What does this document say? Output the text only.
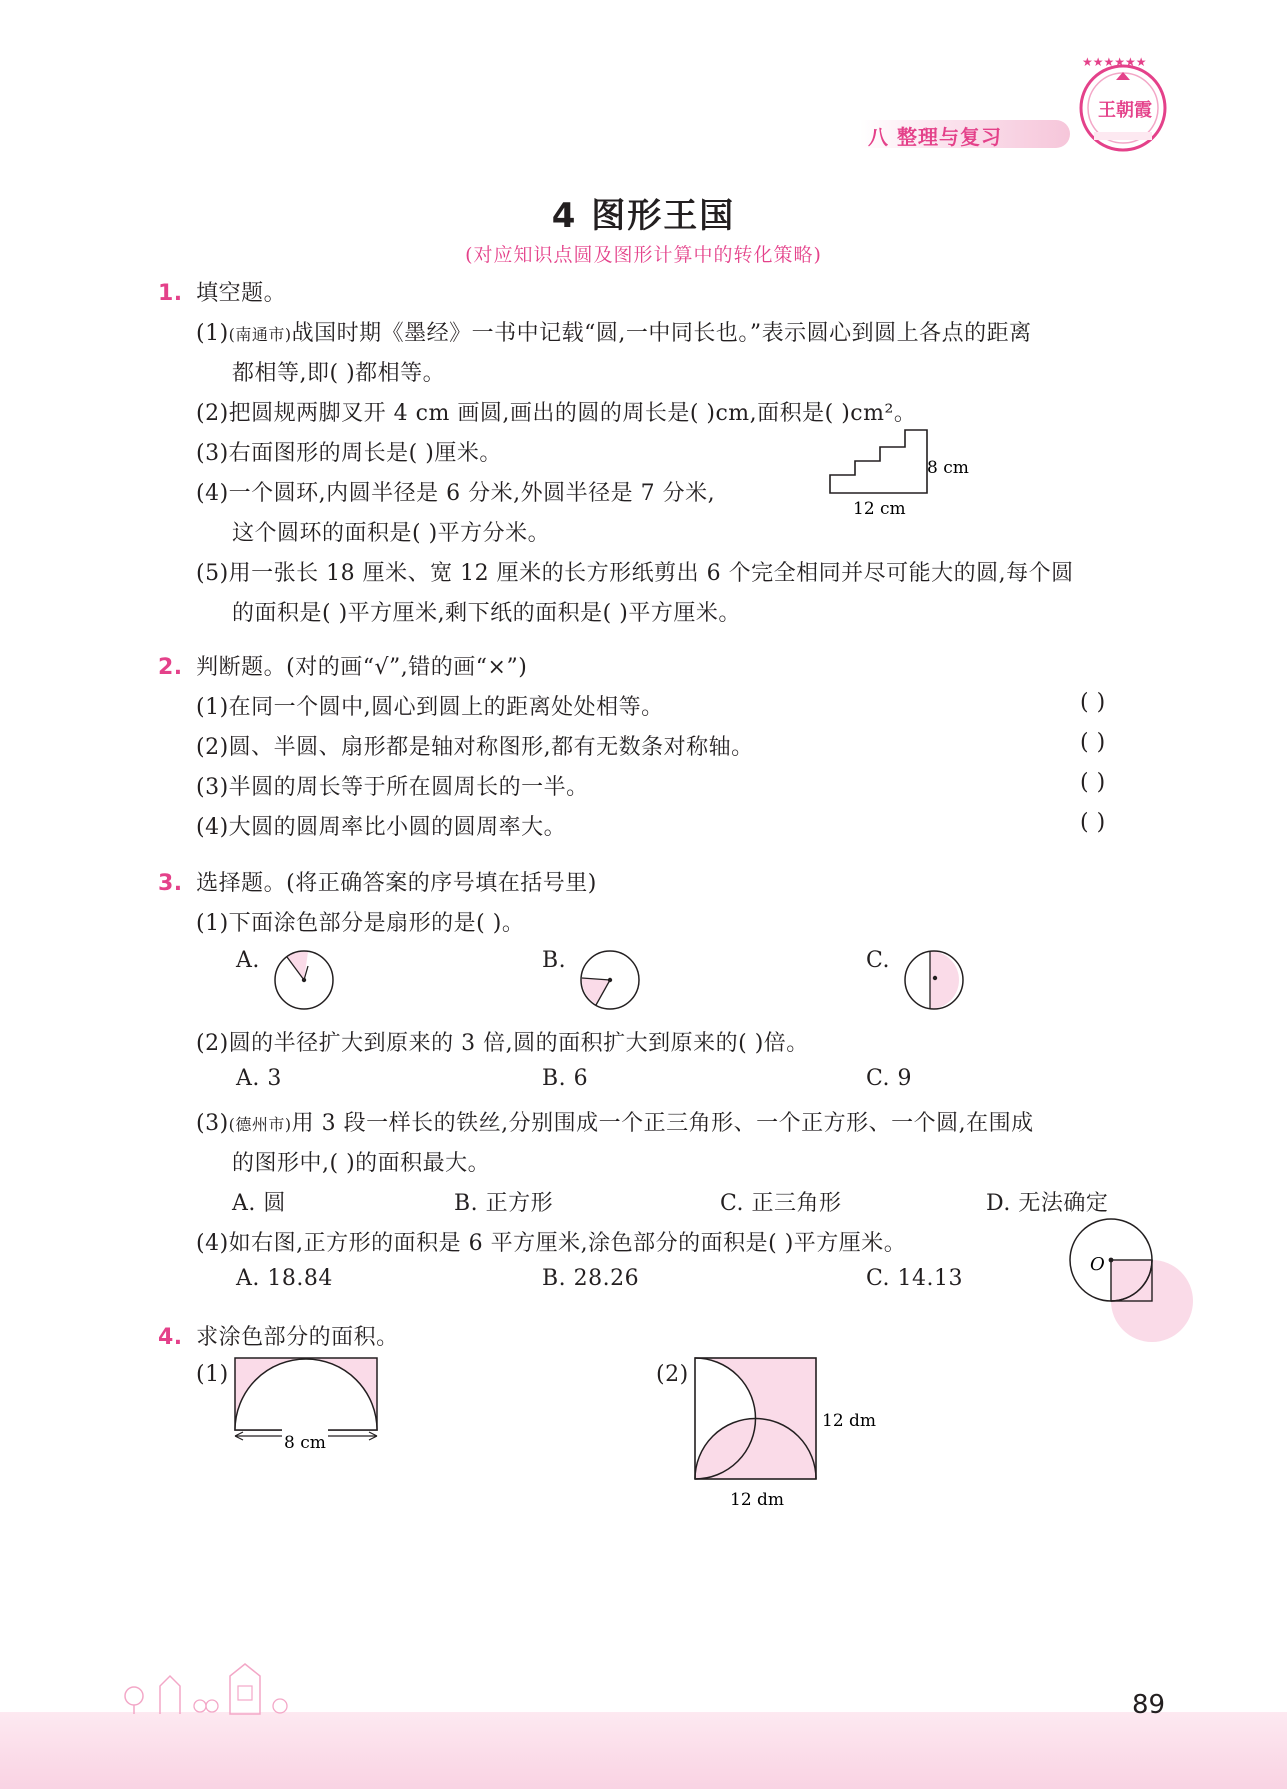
八 整理与复习
★★★★★★
王朝霞
4 图形王国
(对应知识点圆及图形计算中的转化策略)
1. 填空题。
(1)(南通市)战国时期《墨经》一书中记载“圆,一中同长也。”表示圆心到圆上各点的距离
都相等,即( )都相等。
(2)把圆规两脚叉开 4 cm 画圆,画出的圆的周长是( )cm,面积是( )cm²。
(3)右面图形的周长是( )厘米。
(4)一个圆环,内圆半径是 6 分米,外圆半径是 7 分米,
这个圆环的面积是( )平方分米。
(5)用一张长 18 厘米、宽 12 厘米的长方形纸剪出 6 个完全相同并尽可能大的圆,每个圆
的面积是( )平方厘米,剩下纸的面积是( )平方厘米。
8 cm
12 cm
2. 判断题。(对的画“√”,错的画“×”)
(1)在同一个圆中,圆心到圆上的距离处处相等。
(2)圆、半圆、扇形都是轴对称图形,都有无数条对称轴。
(3)半圆的周长等于所在圆周长的一半。
(4)大圆的圆周率比小圆的圆周率大。
( )
( )
( )
( )
3. 选择题。(将正确答案的序号填在括号里)
(1)下面涂色部分是扇形的是( )。
A.	B.	C.
(2)圆的半径扩大到原来的 3 倍,圆的面积扩大到原来的( )倍。
A. 3	B. 6	C. 9
(3)(德州市)用 3 段一样长的铁丝,分别围成一个正三角形、一个正方形、一个圆,在围成
的图形中,( )的面积最大。
A. 圆	B. 正方形	C. 正三角形	D. 无法确定
(4)如右图,正方形的面积是 6 平方厘米,涂色部分的面积是( )平方厘米。
A. 18.84	B. 28.26	C. 14.13
O
4. 求涂色部分的面积。
(1)
8 cm
(2)
12 dm
12 dm
89
